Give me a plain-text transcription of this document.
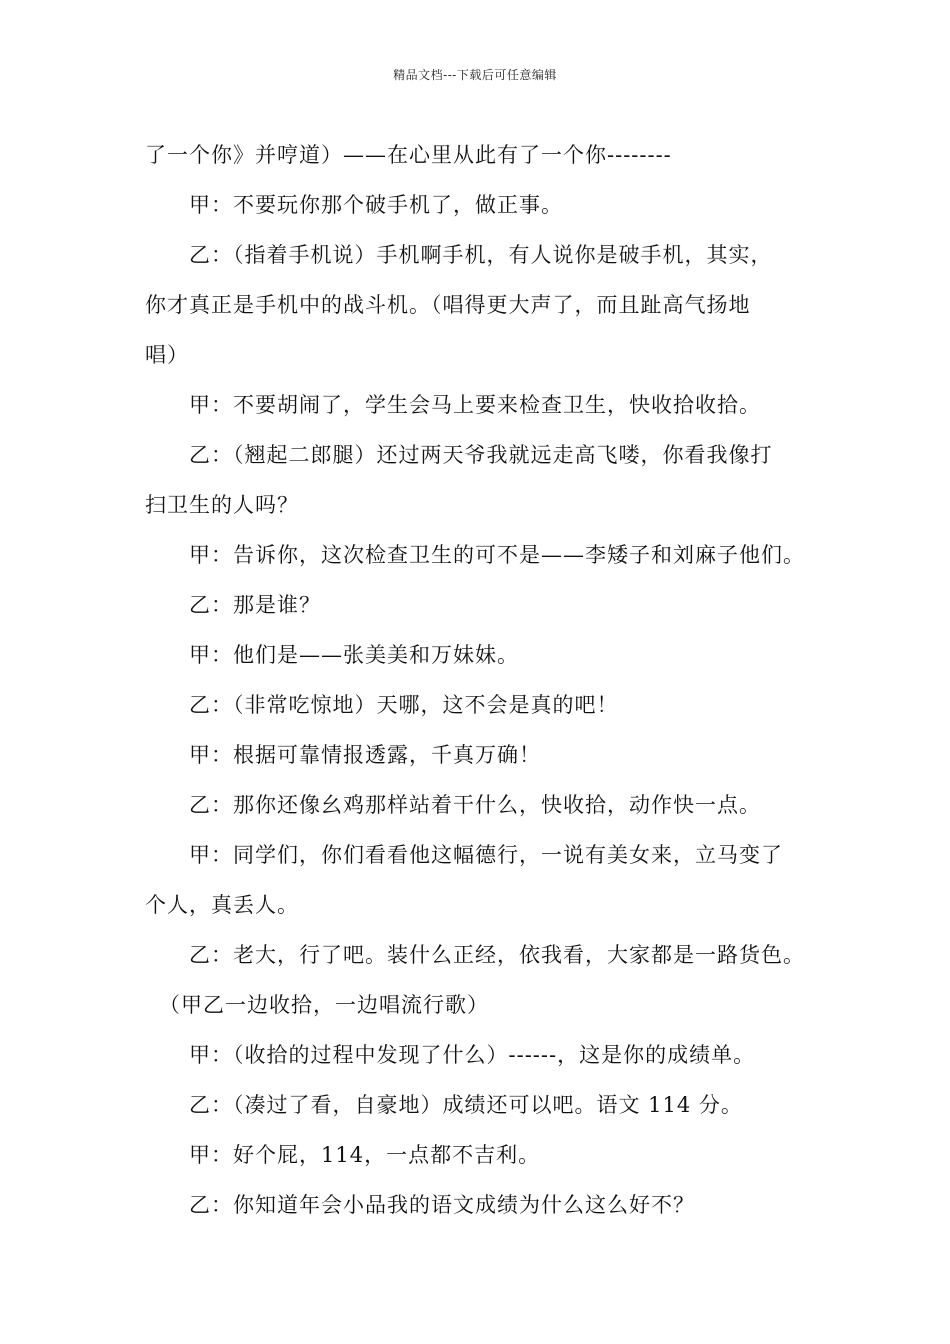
精品文档---下载后可任意编辑
了一个你》并哼道）——在心里从此有了一个你--------
甲：不要玩你那个破手机了，做正事。
乙：（指着手机说）手机啊手机，有人说你是破手机，其实，
你才真正是手机中的战斗机。（唱得更大声了，而且趾高气扬地
唱）
甲：不要胡闹了，学生会马上要来检查卫生，快收拾收拾。
乙：（翘起二郎腿）还过两天爷我就远走高飞喽，你看我像打
扫卫生的人吗？
甲：告诉你，这次检查卫生的可不是——李矮子和刘麻子他们。
乙：那是谁？
甲：他们是——张美美和万妹妹。
乙：（非常吃惊地）天哪，这不会是真的吧！
甲：根据可靠情报透露，千真万确！
乙：那你还像幺鸡那样站着干什么，快收拾，动作快一点。
甲：同学们，你们看看他这幅德行，一说有美女来，立马变了
个人，真丢人。
乙：老大，行了吧。装什么正经，依我看，大家都是一路货色。
（甲乙一边收拾，一边唱流行歌）
甲：（收拾的过程中发现了什么）------，这是你的成绩单。
乙：（凑过了看，自豪地）成绩还可以吧。语文 114 分。
甲：好个屁，114，一点都不吉利。
乙：你知道年会小品我的语文成绩为什么这么好不？
